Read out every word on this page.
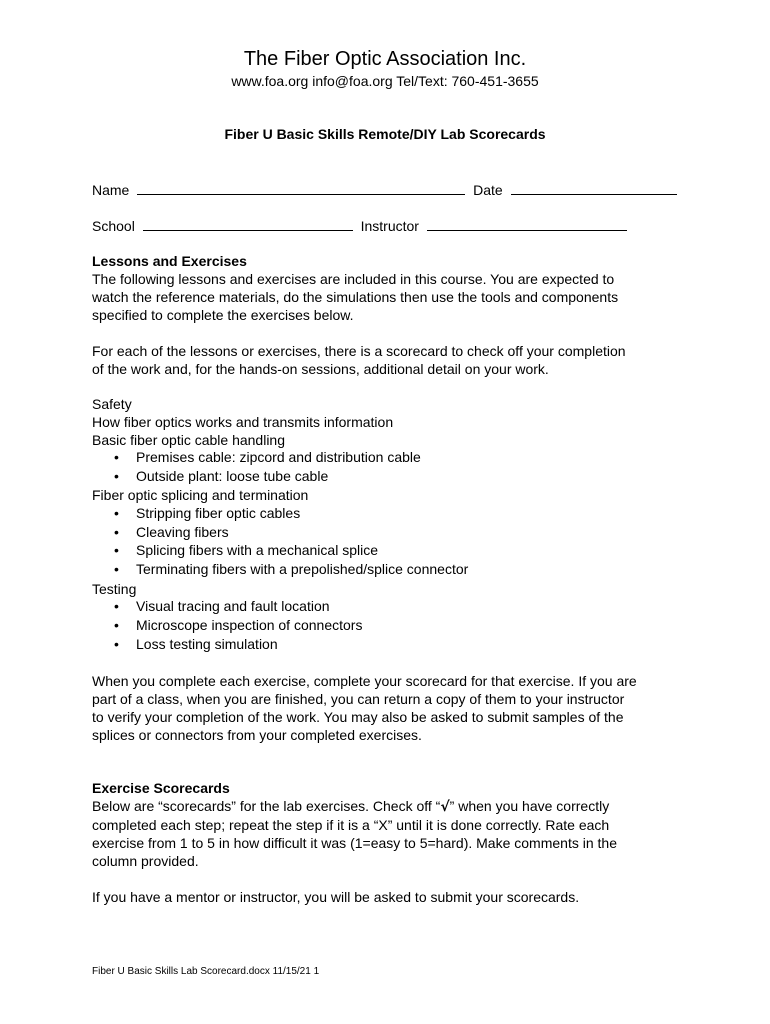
The Fiber Optic Association Inc.
www.foa.org info@foa.org Tel/Text: 760-451-3655
Fiber U Basic Skills Remote/DIY Lab Scorecards
Name	Date
School	Instructor
Lessons and Exercises
The following lessons and exercises are included in this course. You are expected to
watch the reference materials, do the simulations then use the tools and components
specified to complete the exercises below.
For each of the lessons or exercises, there is a scorecard to check off your completion
of the work and, for the hands-on sessions, additional detail on your work.
Safety
How fiber optics works and transmits information
Basic fiber optic cable handling
• Premises cable: zipcord and distribution cable
• Outside plant: loose tube cable
Fiber optic splicing and termination
• Stripping fiber optic cables
• Cleaving fibers
• Splicing fibers with a mechanical splice
• Terminating fibers with a prepolished/splice connector
Testing
• Visual tracing and fault location
• Microscope inspection of connectors
• Loss testing simulation
When you complete each exercise, complete your scorecard for that exercise. If you are
part of a class, when you are finished, you can return a copy of them to your instructor
to verify your completion of the work. You may also be asked to submit samples of the
splices or connectors from your completed exercises.
Exercise Scorecards
Below are “scorecards” for the lab exercises. Check off “√” when you have correctly
completed each step; repeat the step if it is a “X” until it is done correctly. Rate each
exercise from 1 to 5 in how difficult it was (1=easy to 5=hard). Make comments in the
column provided.
If you have a mentor or instructor, you will be asked to submit your scorecards.
Fiber U Basic Skills Lab Scorecard.docx 11/15/21 1
